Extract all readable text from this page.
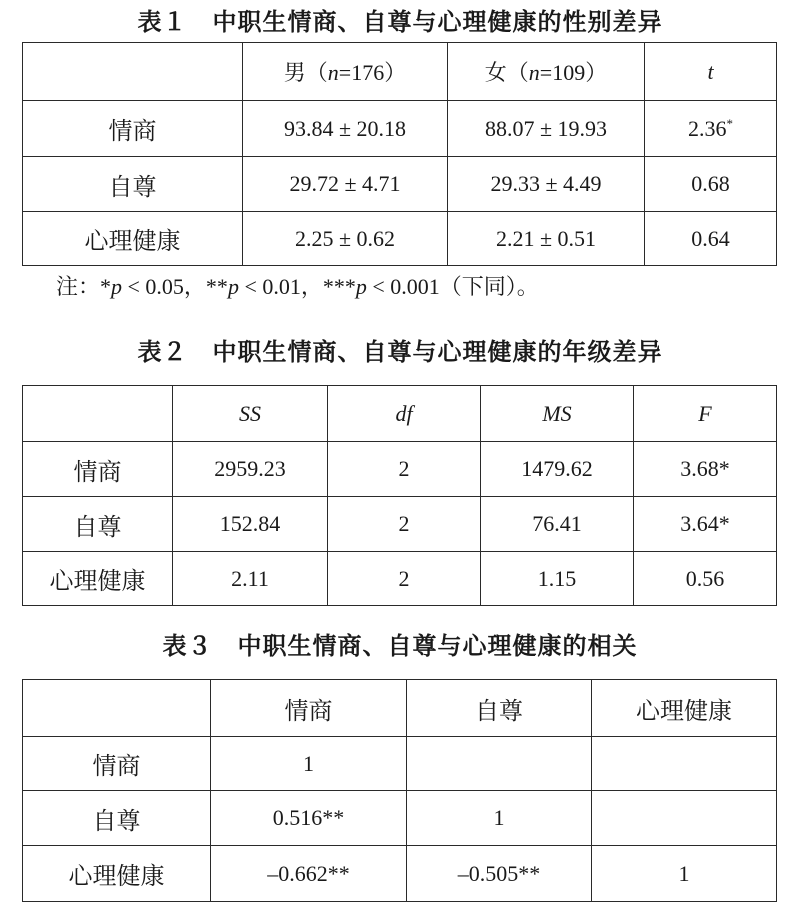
表１　中职生情商、自尊与心理健康的性别差异
	男（n=176）	女（n=109）	t
情商	93.84 ± 20.18	88.07 ± 19.93	2.36*
自尊	29.72 ± 4.71	29.33 ± 4.49	0.68
心理健康	2.25 ± 0.62	2.21 ± 0.51	0.64
注：*p < 0.05，**p < 0.01，***p < 0.001（下同）。
表２　中职生情商、自尊与心理健康的年级差异
	SS	df	MS	F
情商	2959.23	2	1479.62	3.68*
自尊	152.84	2	76.41	3.64*
心理健康	2.11	2	1.15	0.56
表３　中职生情商、自尊与心理健康的相关
	情商	自尊	心理健康
情商	1		
自尊	0.516**	1	
心理健康	–0.662**	–0.505**	1
